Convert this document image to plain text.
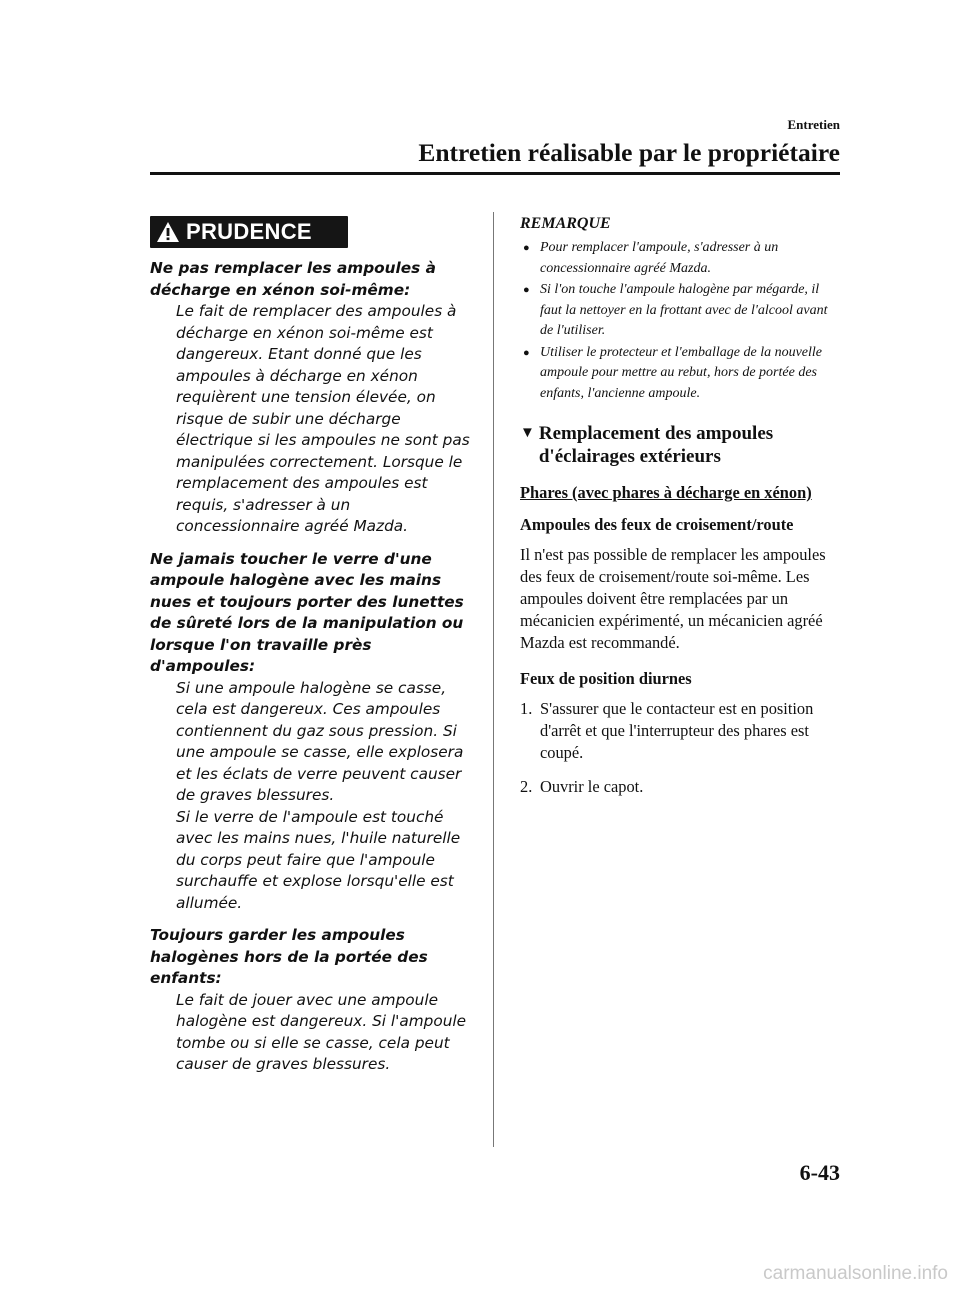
Entretien
Entretien réalisable par le propriétaire
PRUDENCE
Ne pas remplacer les ampoules à décharge en xénon soi-même:
Le fait de remplacer des ampoules à décharge en xénon soi-même est dangereux. Etant donné que les ampoules à décharge en xénon requièrent une tension élevée, on risque de subir une décharge électrique si les ampoules ne sont pas manipulées correctement. Lorsque le remplacement des ampoules est requis, s'adresser à un concessionnaire agréé Mazda.
Ne jamais toucher le verre d'une ampoule halogène avec les mains nues et toujours porter des lunettes de sûreté lors de la manipulation ou lorsque l'on travaille près d'ampoules:
Si une ampoule halogène se casse, cela est dangereux. Ces ampoules contiennent du gaz sous pression. Si une ampoule se casse, elle explosera et les éclats de verre peuvent causer de graves blessures.
Si le verre de l'ampoule est touché avec les mains nues, l'huile naturelle du corps peut faire que l'ampoule surchauffe et explose lorsqu'elle est allumée.
Toujours garder les ampoules halogènes hors de la portée des enfants:
Le fait de jouer avec une ampoule halogène est dangereux. Si l'ampoule tombe ou si elle se casse, cela peut causer de graves blessures.
REMARQUE
● Pour remplacer l'ampoule, s'adresser à un concessionnaire agréé Mazda.
● Si l'on touche l'ampoule halogène par mégarde, il faut la nettoyer en la frottant avec de l'alcool avant de l'utiliser.
● Utiliser le protecteur et l'emballage de la nouvelle ampoule pour mettre au rebut, hors de portée des enfants, l'ancienne ampoule.
▼ Remplacement des ampoules d'éclairages extérieurs
Phares (avec phares à décharge en xénon)
Ampoules des feux de croisement/route
Il n'est pas possible de remplacer les ampoules des feux de croisement/route soi-même. Les ampoules doivent être remplacées par un mécanicien expérimenté, un mécanicien agréé Mazda est recommandé.
Feux de position diurnes
1. S'assurer que le contacteur est en position d'arrêt et que l'interrupteur des phares est coupé.
2. Ouvrir le capot.
6-43
carmanualsonline.info
